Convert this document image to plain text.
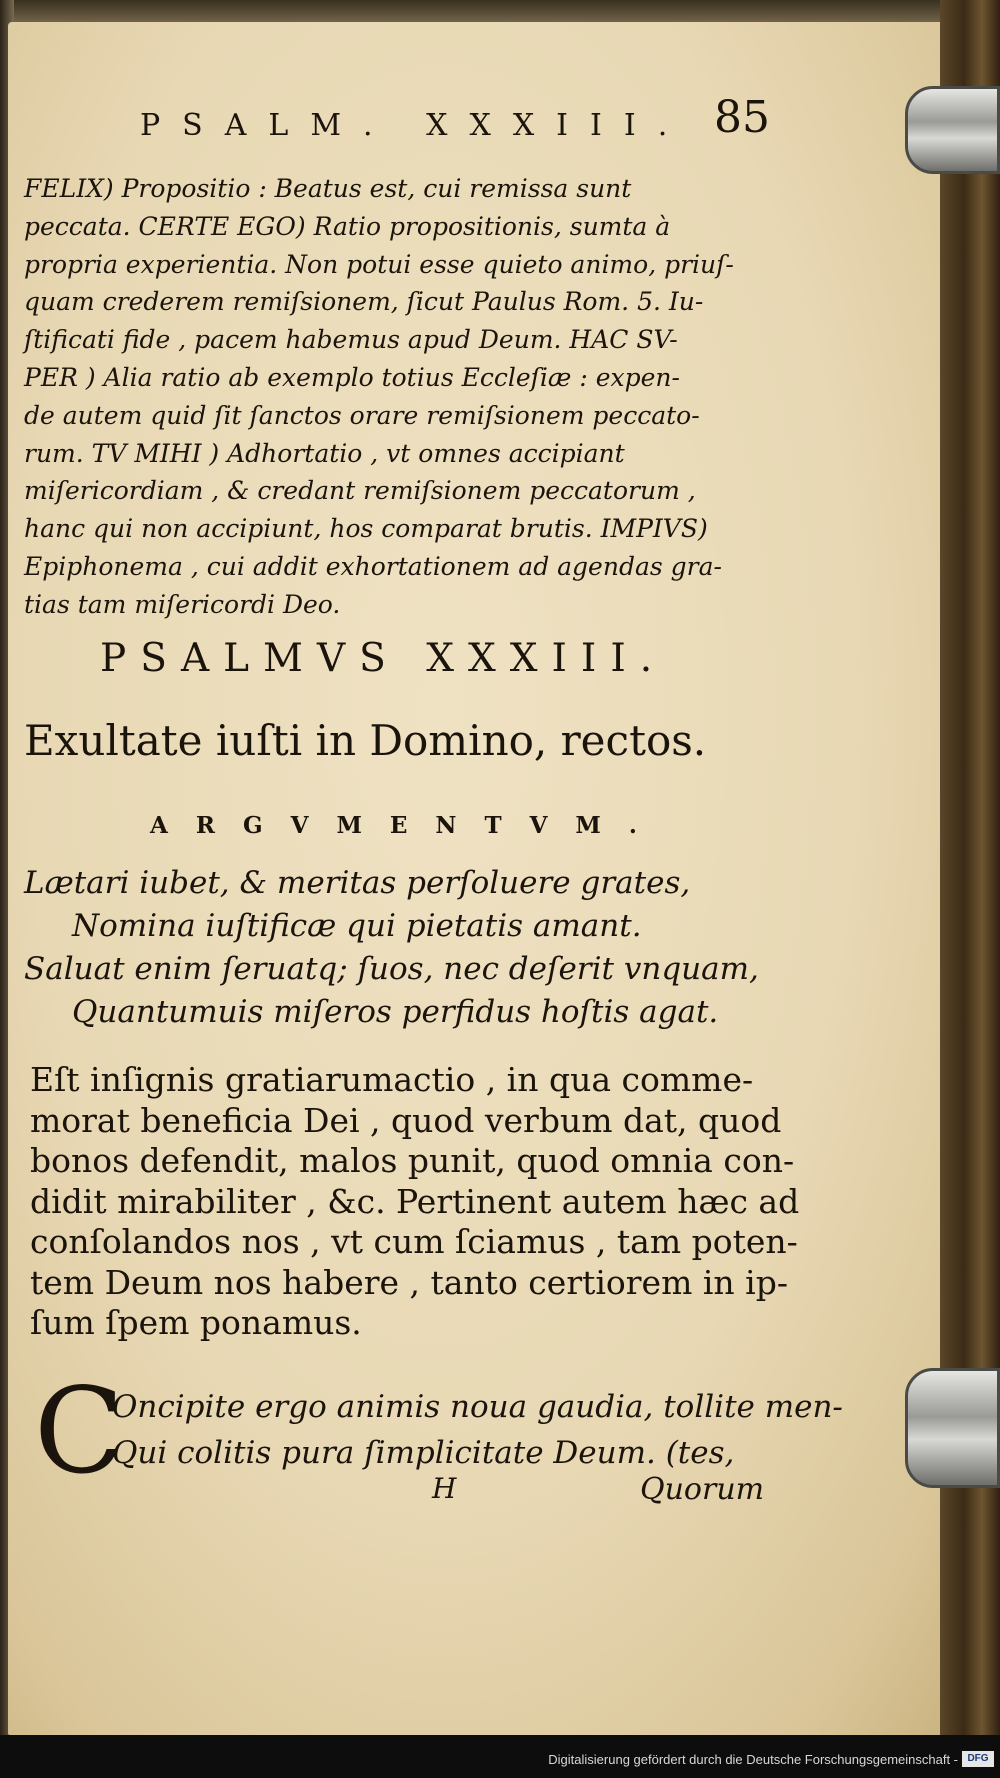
PSALM. XXXIII. 85
FELIX) Propositio : Beatus est, cui remissa sunt
peccata. CERTE EGO) Ratio propositionis, sumta à
propria experientia. Non potui esse quieto animo, priuſ-
quam crederem remiſsionem, ſicut Paulus Rom. 5. Iu-
ſtificati fide , pacem habemus apud Deum. HAC SV-
PER ) Alia ratio ab exemplo totius Eccleſiæ : expen-
de autem quid ſit ſanctos orare remiſsionem peccato-
rum. TV MIHI ) Adhortatio , vt omnes accipiant
miſericordiam , & credant remiſsionem peccatorum ,
hanc qui non accipiunt, hos comparat brutis. IMPIVS)
Epiphonema , cui addit exhortationem ad agendas gra-
tias tam miſericordi Deo.
PSALMVS XXXIII.
Exultate iuſti in Domino, rectos.
ARGVMENTVM.
Lætari iubet, & meritas perſoluere grates,
Nomina iuſtificæ qui pietatis amant.
Saluat enim ſeruatq; ſuos, nec deſerit vnquam,
Quantumuis miſeros perfidus hoſtis agat.
Eſt inſignis gratiarumactio , in qua comme-
morat beneficia Dei , quod verbum dat, quod
bonos defendit, malos punit, quod omnia con-
didit mirabiliter , &c. Pertinent autem hæc ad
conſolandos nos , vt cum ſciamus , tam poten-
tem Deum nos habere , tanto certiorem in ip-
ſum ſpem ponamus.
C
Oncipite ergo animis noua gaudia, tollite men-
Qui colitis pura ſimplicitate Deum. (tes,
H	Quorum
Digitalisierung gefördert durch die Deutsche Forschungsgemeinschaft - DFG
